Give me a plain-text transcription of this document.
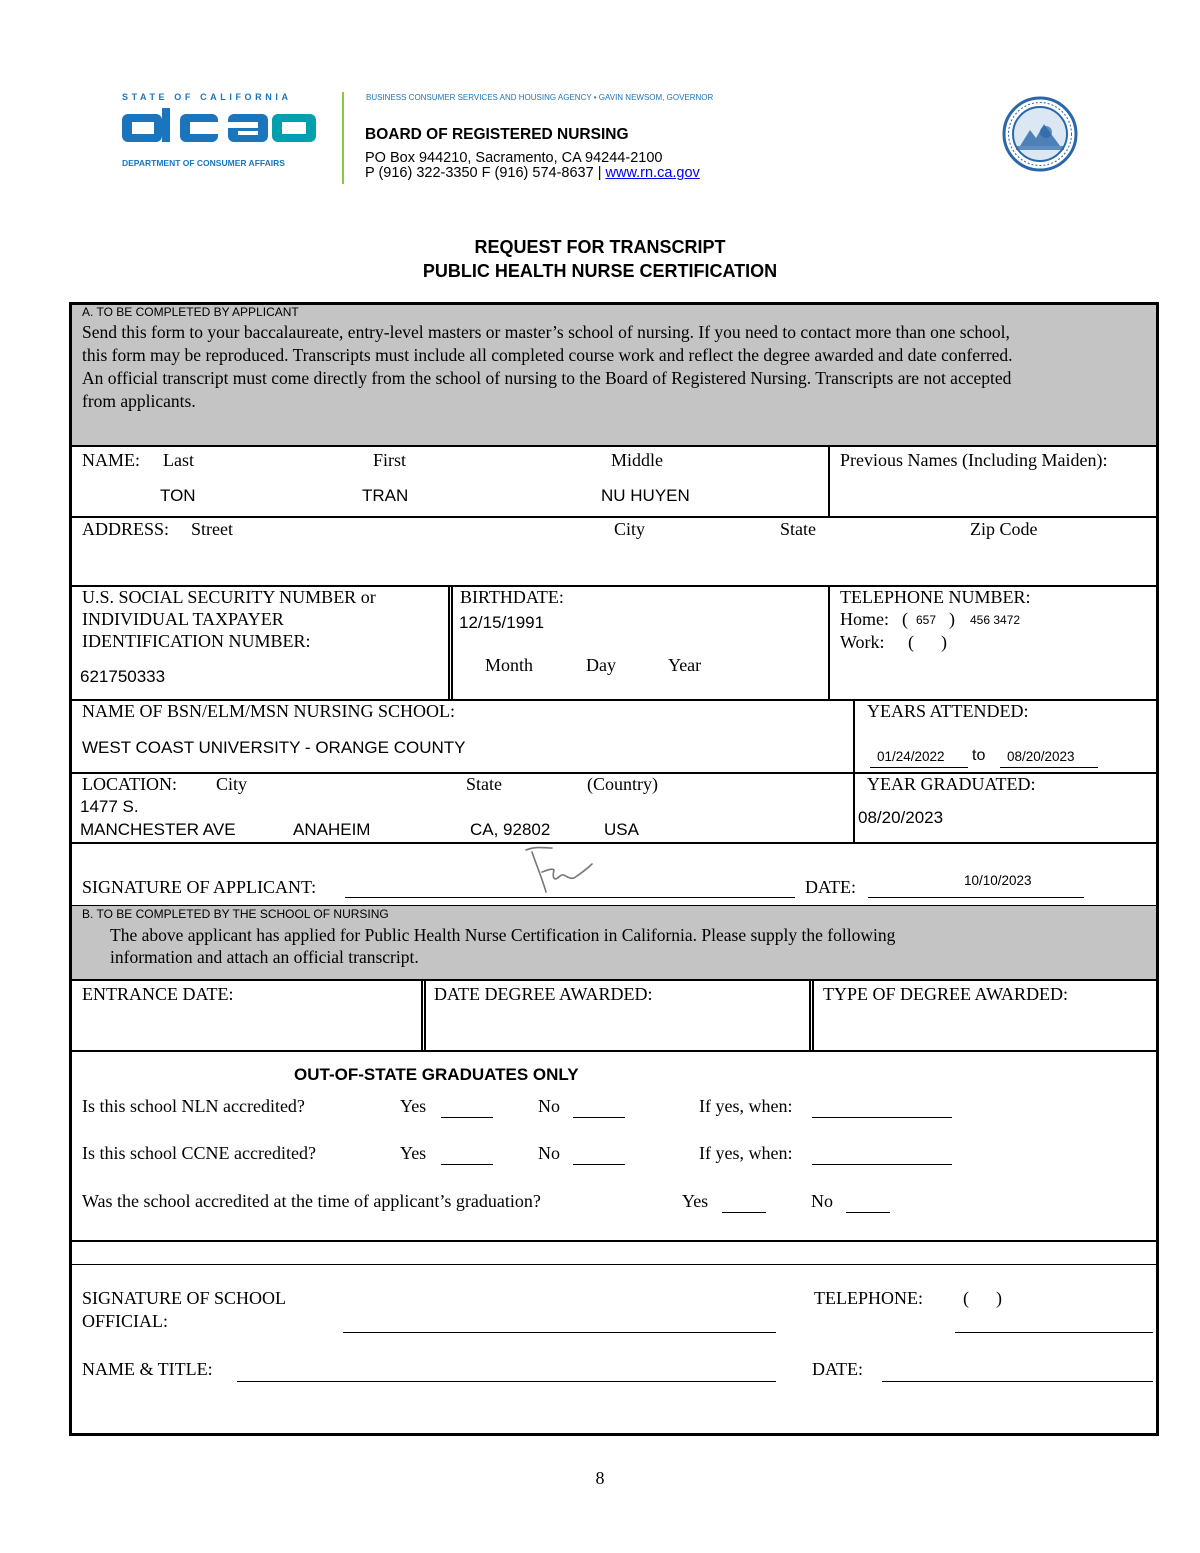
STATE OF CALIFORNIA
DEPARTMENT OF CONSUMER AFFAIRS
BUSINESS CONSUMER SERVICES AND HOUSING AGENCY • GAVIN NEWSOM, GOVERNOR
BOARD OF REGISTERED NURSING
PO Box 944210, Sacramento, CA 94244-2100
P (916) 322-3350 F (916) 574-8637 | www.rn.ca.gov
REQUEST FOR TRANSCRIPT
PUBLIC HEALTH NURSE CERTIFICATION
A. TO BE COMPLETED BY APPLICANT
Send this form to your baccalaureate, entry-level masters or master’s school of nursing. If you need to contact more than one school,
this form may be reproduced. Transcripts must include all completed course work and reflect the degree awarded and date conferred.
An official transcript must come directly from the school of nursing to the Board of Registered Nursing. Transcripts are not accepted
from applicants.
NAME: Last	First	Middle
TON	TRAN	NU HUYEN
Previous Names (Including Maiden):
ADDRESS: Street	City	State	Zip Code
U.S. SOCIAL SECURITY NUMBER or
INDIVIDUAL TAXPAYER
IDENTIFICATION NUMBER:
621750333
BIRTHDATE:
12/15/1991
Month	Day	Year
TELEPHONE NUMBER:
Home: ( 657 ) 456 3472
Work: (      )
NAME OF BSN/ELM/MSN NURSING SCHOOL:
WEST COAST UNIVERSITY - ORANGE COUNTY
YEARS ATTENDED:
01/24/2022 to 08/20/2023
LOCATION: City	State	(Country)
1477 S.
MANCHESTER AVE	ANAHEIM	CA, 92802	USA
YEAR GRADUATED:
08/20/2023
SIGNATURE OF APPLICANT:	DATE:	10/10/2023
B. TO BE COMPLETED BY THE SCHOOL OF NURSING
The above applicant has applied for Public Health Nurse Certification in California. Please supply the following
information and attach an official transcript.
ENTRANCE DATE:	DATE DEGREE AWARDED:	TYPE OF DEGREE AWARDED:
OUT-OF-STATE GRADUATES ONLY
Is this school NLN accredited?	Yes	No	If yes, when:
Is this school CCNE accredited?	Yes	No	If yes, when:
Was the school accredited at the time of applicant’s graduation?	Yes	No
SIGNATURE OF SCHOOL
OFFICIAL:
TELEPHONE: (      )
NAME & TITLE:	DATE:
8
